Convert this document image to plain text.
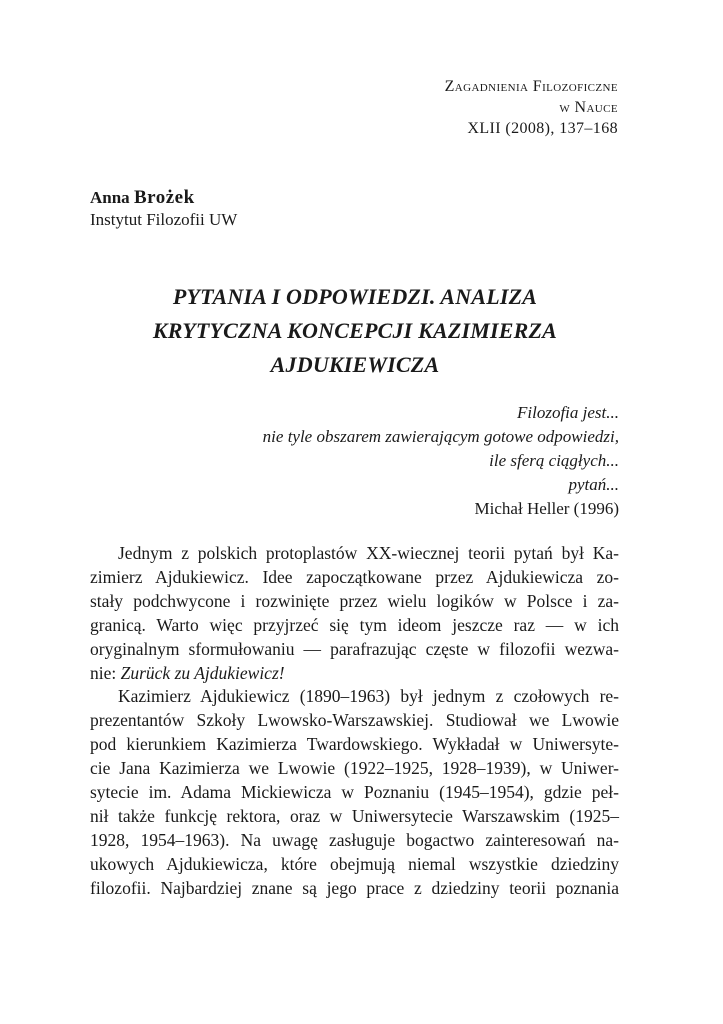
Zagadnienia Filozoficzne
w Nauce
XLII (2008), 137–168
Anna Brożek
Instytut Filozofii UW
PYTANIA I ODPOWIEDZI. ANALIZA
KRYTYCZNA KONCEPCJI KAZIMIERZA
AJDUKIEWICZA
Filozofia jest...
nie tyle obszarem zawierającym gotowe odpowiedzi,
ile sferą ciągłych...
pytań...
Michał Heller (1996)

Jednym z polskich protoplastów XX-wiecznej teorii pytań był Ka-
zimierz Ajdukiewicz. Idee zapoczątkowane przez Ajdukiewicza zo-
stały podchwycone i rozwinięte przez wielu logików w Polsce i za-
granicą. Warto więc przyjrzeć się tym ideom jeszcze raz — w ich
oryginalnym sformułowaniu — parafrazując częste w filozofii wezwa-
nie: Zurück zu Ajdukiewicz!

Kazimierz Ajdukiewicz (1890–1963) był jednym z czołowych re-
prezentantów Szkoły Lwowsko-Warszawskiej. Studiował we Lwowie
pod kierunkiem Kazimierza Twardowskiego. Wykładał w Uniwersyte-
cie Jana Kazimierza we Lwowie (1922–1925, 1928–1939), w Uniwer-
sytecie im. Adama Mickiewicza w Poznaniu (1945–1954), gdzie peł-
nił także funkcję rektora, oraz w Uniwersytecie Warszawskim (1925–
1928, 1954–1963). Na uwagę zasługuje bogactwo zainteresowań na-
ukowych Ajdukiewicza, które obejmują niemal wszystkie dziedziny
filozofii. Najbardziej znane są jego prace z dziedziny teorii poznania
